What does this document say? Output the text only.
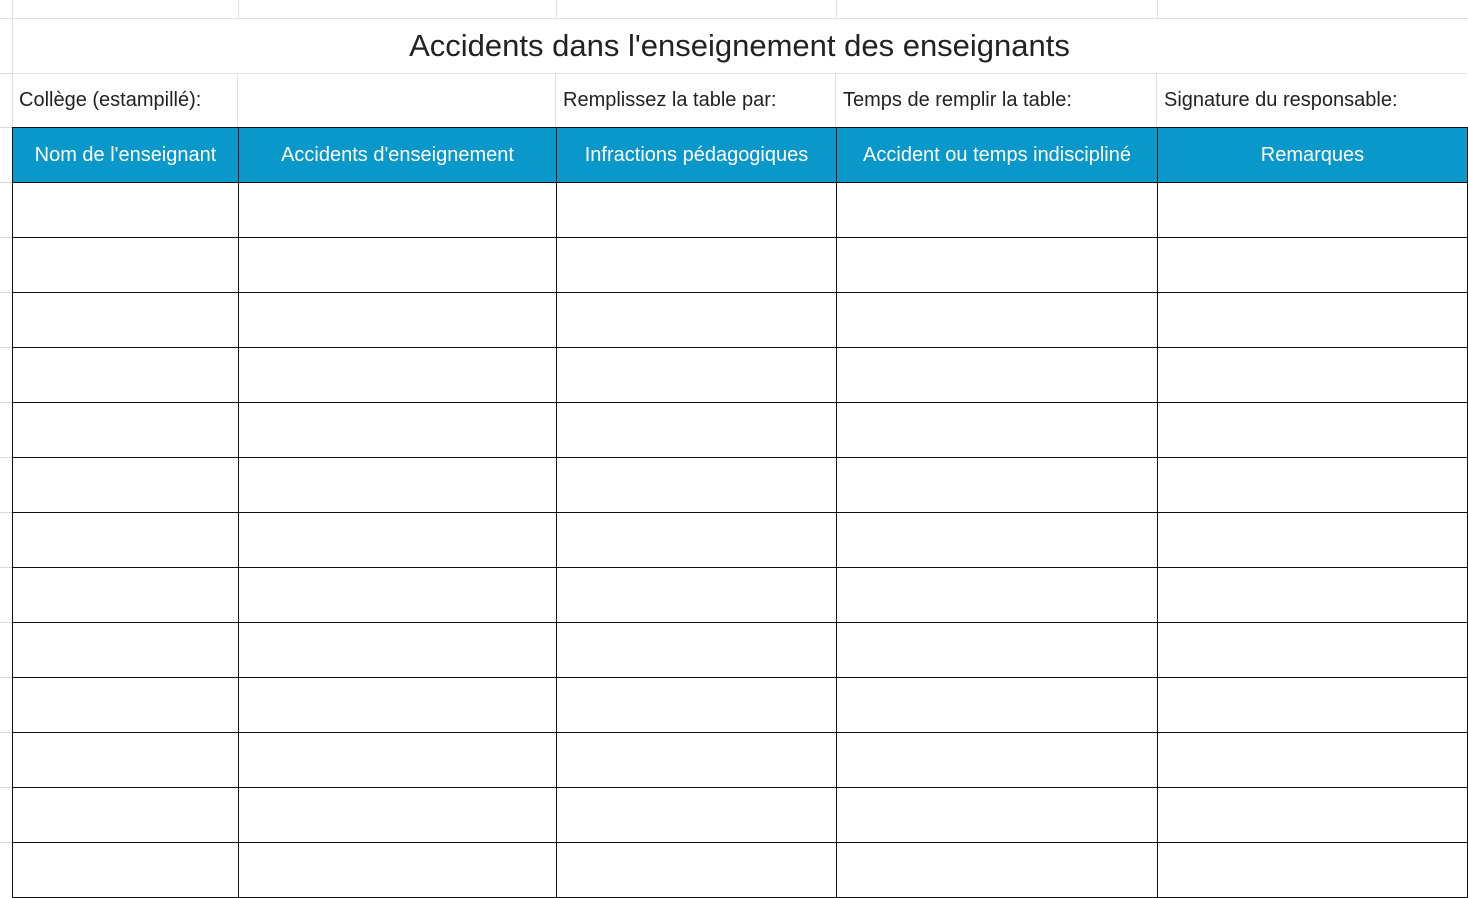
Accidents dans l'enseignement des enseignants
Collège (estampillé):	Remplissez la table par:	Temps de remplir la table:	Signature du responsable:
Nom de l'enseignant	Accidents d'enseignement	Infractions pédagogiques	Accident ou temps indiscipliné	Remarques
